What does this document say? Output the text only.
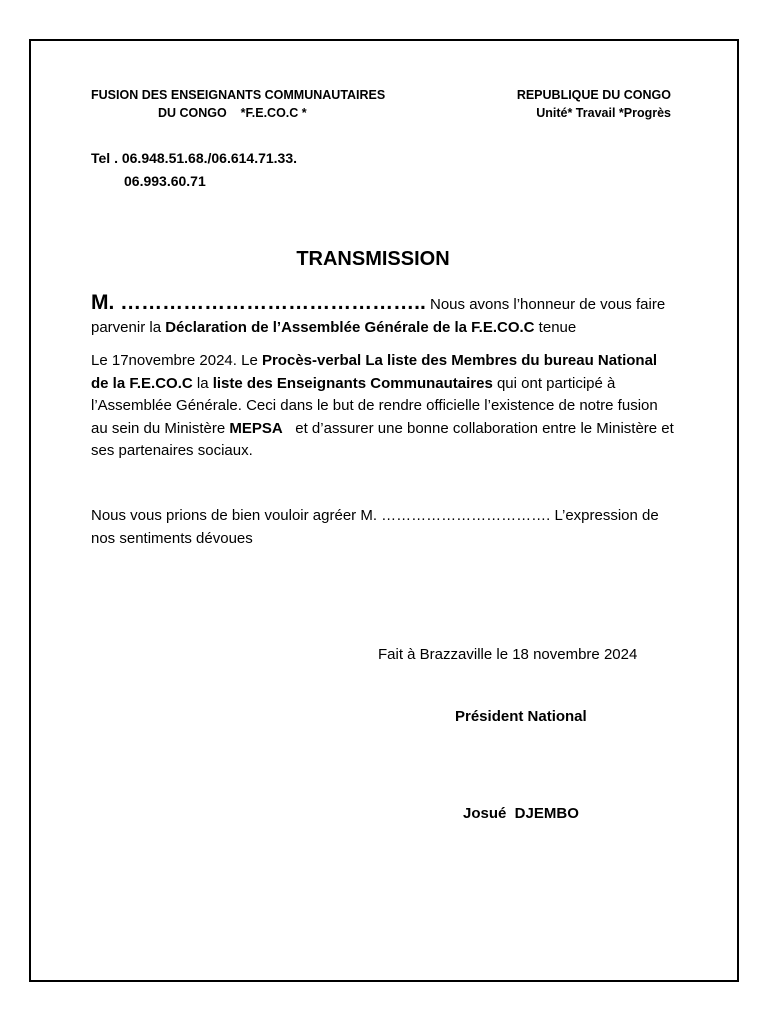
FUSION DES ENSEIGNANTS COMMUNAUTAIRES
DU CONGO    *F.E.CO.C *
REPUBLIQUE DU CONGO
Unité* Travail *Progrès
Tel . 06.948.51.68./06.614.71.33.
06.993.60.71
TRANSMISSION
M. …………………………………….. Nous avons l’honneur de vous faire parvenir la Déclaration de l’Assemblée Générale de la F.E.CO.C tenue
Le 17novembre 2024. Le Procès-verbal La liste des Membres du bureau National de la F.E.CO.C la liste des Enseignants Communautaires qui ont participé à l’Assemblée Générale. Ceci dans le but de rendre officielle l’existence de notre fusion au sein du Ministère MEPSA   et d’assurer une bonne collaboration entre le Ministère et ses partenaires sociaux.
Nous vous prions de bien vouloir agréer M. ……………………………. L’expression de nos sentiments dévoues
Fait à Brazzaville le 18 novembre 2024
Président National
Josué  DJEMBO
